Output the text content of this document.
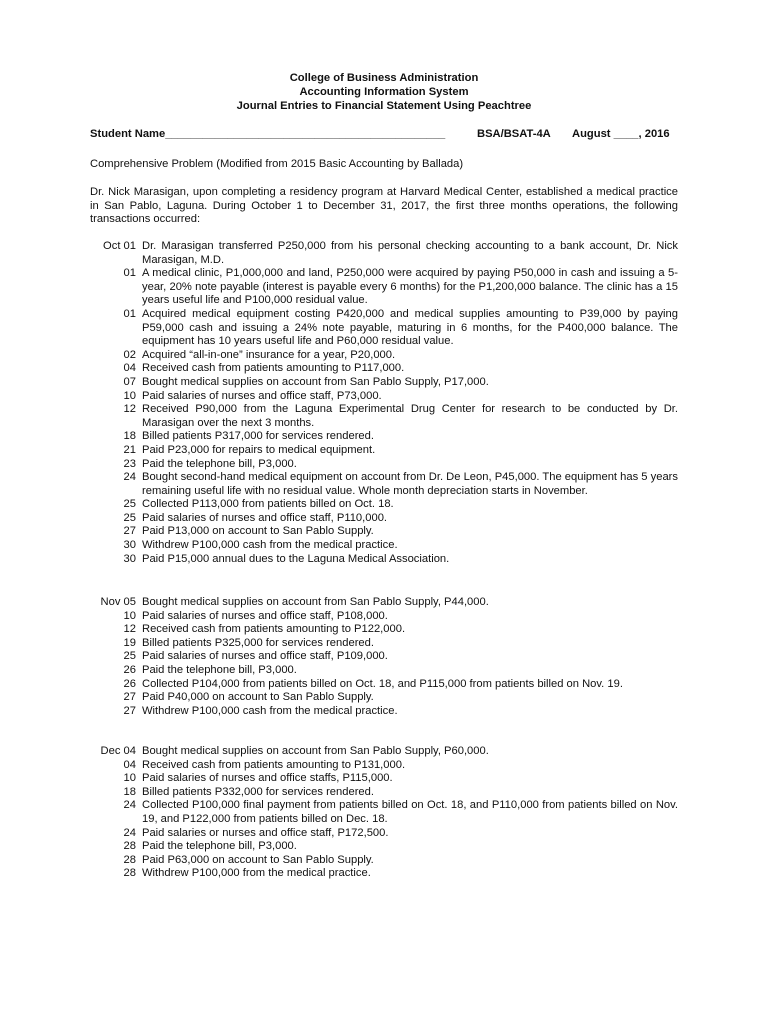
College of Business Administration
Accounting Information System
Journal Entries to Financial Statement Using Peachtree
Student Name_____________________________________________	BSA/BSAT-4A August ____, 2016
Comprehensive Problem (Modified from 2015 Basic Accounting by Ballada)
Dr. Nick Marasigan, upon completing a residency program at Harvard Medical Center, established a medical practice in San Pablo, Laguna. During October 1 to December 31, 2017, the first three months operations, the following transactions occurred:
Oct 01 Dr. Marasigan transferred P250,000 from his personal checking accounting to a bank account, Dr. Nick Marasigan, M.D.
01 A medical clinic, P1,000,000 and land, P250,000 were acquired by paying P50,000 in cash and issuing a 5-year, 20% note payable (interest is payable every 6 months) for the P1,200,000 balance. The clinic has a 15 years useful life and P100,000 residual value.
01 Acquired medical equipment costing P420,000 and medical supplies amounting to P39,000 by paying P59,000 cash and issuing a 24% note payable, maturing in 6 months, for the P400,000 balance. The equipment has 10 years useful life and P60,000 residual value.
02 Acquired “all-in-one” insurance for a year, P20,000.
04 Received cash from patients amounting to P117,000.
07 Bought medical supplies on account from San Pablo Supply, P17,000.
10 Paid salaries of nurses and office staff, P73,000.
12 Received P90,000 from the Laguna Experimental Drug Center for research to be conducted by Dr. Marasigan over the next 3 months.
18 Billed patients P317,000 for services rendered.
21 Paid P23,000 for repairs to medical equipment.
23 Paid the telephone bill, P3,000.
24 Bought second-hand medical equipment on account from Dr. De Leon, P45,000. The equipment has 5 years remaining useful life with no residual value. Whole month depreciation starts in November.
25 Collected P113,000 from patients billed on Oct. 18.
25 Paid salaries of nurses and office staff, P110,000.
27 Paid P13,000 on account to San Pablo Supply.
30 Withdrew P100,000 cash from the medical practice.
30 Paid P15,000 annual dues to the Laguna Medical Association.
Nov 05 Bought medical supplies on account from San Pablo Supply, P44,000.
10 Paid salaries of nurses and office staff, P108,000.
12 Received cash from patients amounting to P122,000.
19 Billed patients P325,000 for services rendered.
25 Paid salaries of nurses and office staff, P109,000.
26 Paid the telephone bill, P3,000.
26 Collected P104,000 from patients billed on Oct. 18, and P115,000 from patients billed on Nov. 19.
27 Paid P40,000 on account to San Pablo Supply.
27 Withdrew P100,000 cash from the medical practice.
Dec 04 Bought medical supplies on account from San Pablo Supply, P60,000.
04 Received cash from patients amounting to P131,000.
10 Paid salaries of nurses and office staffs, P115,000.
18 Billed patients P332,000 for services rendered.
24 Collected P100,000 final payment from patients billed on Oct. 18, and P110,000 from patients billed on Nov. 19, and P122,000 from patients billed on Dec. 18.
24 Paid salaries or nurses and office staff, P172,500.
28 Paid the telephone bill, P3,000.
28 Paid P63,000 on account to San Pablo Supply.
28 Withdrew P100,000 from the medical practice.
